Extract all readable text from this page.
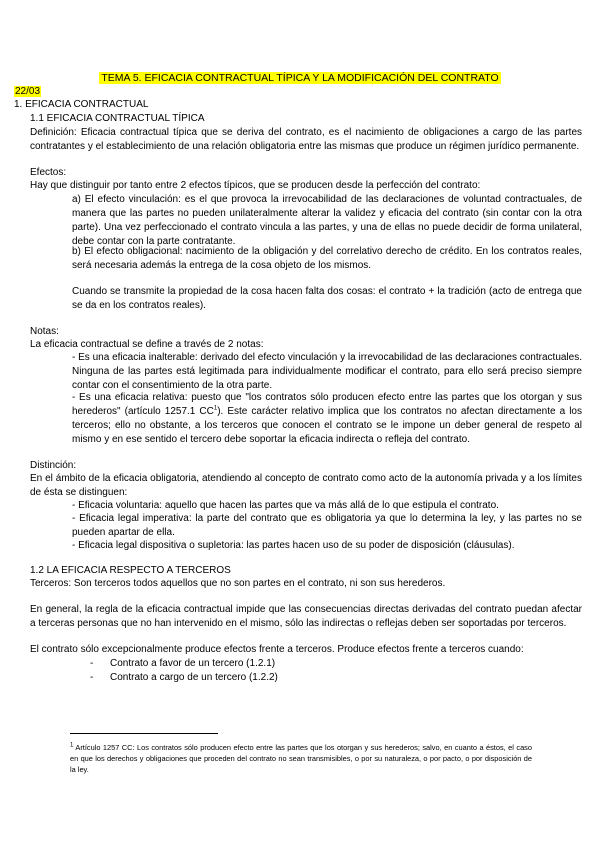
TEMA 5. EFICACIA CONTRACTUAL TÍPICA Y LA MODIFICACIÓN DEL CONTRATO
22/03
1. EFICACIA CONTRACTUAL
1.1 EFICACIA CONTRACTUAL TÍPICA
Definición: Eficacia contractual típica que se deriva del contrato, es el nacimiento de obligaciones a cargo de las partes contratantes y el establecimiento de una relación obligatoria entre las mismas que produce un régimen jurídico permanente.
Efectos:
Hay que distinguir por tanto entre 2 efectos típicos, que se producen desde la perfección del contrato:
a) El efecto vinculación: es el que provoca la irrevocabilidad de las declaraciones de voluntad contractuales, de manera que las partes no pueden unilateralmente alterar la validez y eficacia del contrato (sin contar con la otra parte). Una vez perfeccionado el contrato vincula a las partes, y una de ellas no puede decidir de forma unilateral, debe contar con la parte contratante.
b) El efecto obligacional: nacimiento de la obligación y del correlativo derecho de crédito. En los contratos reales, será necesaria además la entrega de la cosa objeto de los mismos.
Cuando se transmite la propiedad de la cosa hacen falta dos cosas: el contrato + la tradición (acto de entrega que se da en los contratos reales).
Notas:
La eficacia contractual se define a través de 2 notas:
- Es una eficacia inalterable: derivado del efecto vinculación y la irrevocabilidad de las declaraciones contractuales. Ninguna de las partes está legitimada para individualmente modificar el contrato, para ello será preciso siempre contar con el consentimiento de la otra parte.
- Es una eficacia relativa: puesto que "los contratos sólo producen efecto entre las partes que los otorgan y sus herederos" (artículo 1257.1 $CC^1$). Este carácter relativo implica que los contratos no afectan directamente a los terceros; ello no obstante, a los terceros que conocen el contrato se le impone un deber general de respeto al mismo y en ese sentido el tercero debe soportar la eficacia indirecta o refleja del contrato.
Distinción:
En el ámbito de la eficacia obligatoria, atendiendo al concepto de contrato como acto de la autonomía privada y a los límites de ésta se distinguen:
- Eficacia voluntaria: aquello que hacen las partes que va más allá de lo que estipula el contrato.
- Eficacia legal imperativa: la parte del contrato que es obligatoria ya que lo determina la ley, y las partes no se pueden apartar de ella.
- Eficacia legal dispositiva o supletoria: las partes hacen uso de su poder de disposición (cláusulas).
1.2 LA EFICACIA RESPECTO A TERCEROS
Terceros: Son terceros todos aquellos que no son partes en el contrato, ni son sus herederos.
En general, la regla de la eficacia contractual impide que las consecuencias directas derivadas del contrato puedan afectar a terceras personas que no han intervenido en el mismo, sólo las indirectas o reflejas deben ser soportadas por terceros.
El contrato sólo excepcionalmente produce efectos frente a terceros. Produce efectos frente a terceros cuando:
- Contrato a favor de un tercero (1.2.1)
- Contrato a cargo de un tercero (1.2.2)
$^1$ Artículo 1257 CC: Los contratos sólo producen efecto entre las partes que los otorgan y sus herederos; salvo, en cuanto a éstos, el caso en que los derechos y obligaciones que proceden del contrato no sean transmisibles, o por su naturaleza, o por pacto, o por disposición de la ley.
